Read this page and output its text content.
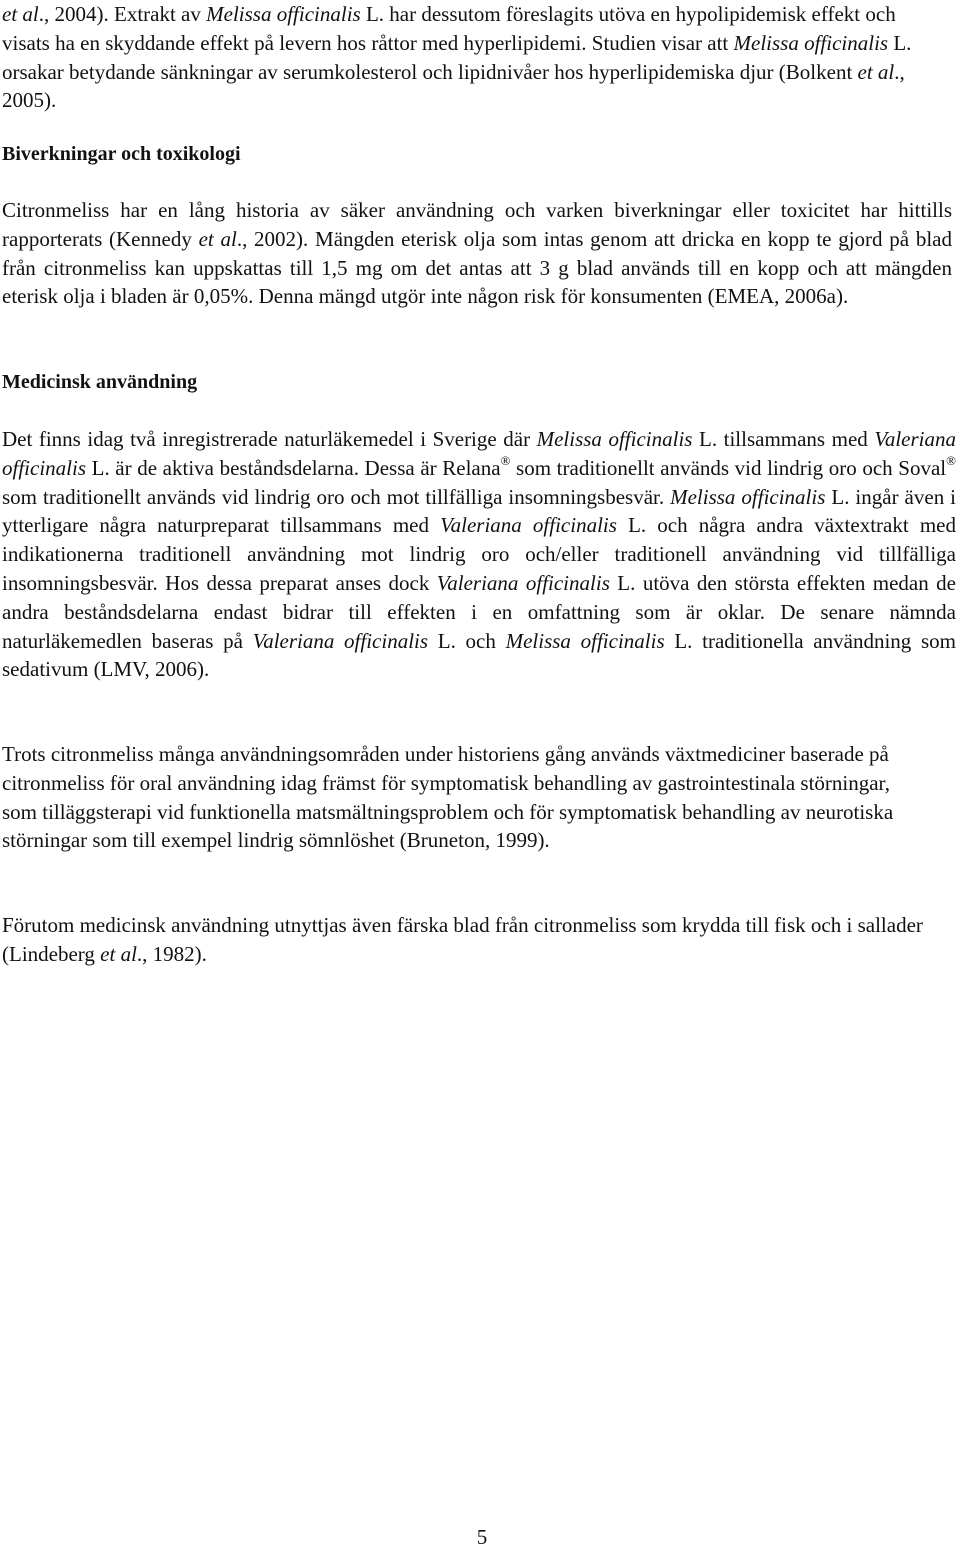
et al., 2004). Extrakt av Melissa officinalis L. har dessutom föreslagits utöva en hypolipidemisk effekt och visats ha en skyddande effekt på levern hos råttor med hyperlipidemi. Studien visar att Melissa officinalis L. orsakar betydande sänkningar av serumkolesterol och lipidnivåer hos hyperlipidemiska djur (Bolkent et al., 2005).

Biverkningar och toxikologi

Citronmeliss har en lång historia av säker användning och varken biverkningar eller toxicitet har hittills rapporterats (Kennedy et al., 2002). Mängden eterisk olja som intas genom att dricka en kopp te gjord på blad från citronmeliss kan uppskattas till 1,5 mg om det antas att 3 g blad används till en kopp och att mängden eterisk olja i bladen är 0,05%. Denna mängd utgör inte någon risk för konsumenten (EMEA, 2006a).

Medicinsk användning

Det finns idag två inregistrerade naturläkemedel i Sverige där Melissa officinalis L. tillsammans med Valeriana officinalis L. är de aktiva beståndsdelarna. Dessa är Relana® som traditionellt används vid lindrig oro och Soval® som traditionellt används vid lindrig oro och mot tillfälliga insomningsbesvär. Melissa officinalis L. ingår även i ytterligare några naturpreparat tillsammans med Valeriana officinalis L. och några andra växtextrakt med indikationerna traditionell användning mot lindrig oro och/eller traditionell användning vid tillfälliga insomningsbesvär. Hos dessa preparat anses dock Valeriana officinalis L. utöva den största effekten medan de andra beståndsdelarna endast bidrar till effekten i en omfattning som är oklar. De senare nämnda naturläkemedlen baseras på Valeriana officinalis L. och Melissa officinalis L. traditionella användning som sedativum (LMV, 2006).

Trots citronmeliss många användningsområden under historiens gång används växtmediciner baserade på citronmeliss för oral användning idag främst för symptomatisk behandling av gastrointestinala störningar, som tilläggsterapi vid funktionella matsmältningsproblem och för symptomatisk behandling av neurotiska störningar som till exempel lindrig sömnlöshet (Bruneton, 1999).

Förutom medicinsk användning utnyttjas även färska blad från citronmeliss som krydda till fisk och i sallader (Lindeberg et al., 1982).

5
